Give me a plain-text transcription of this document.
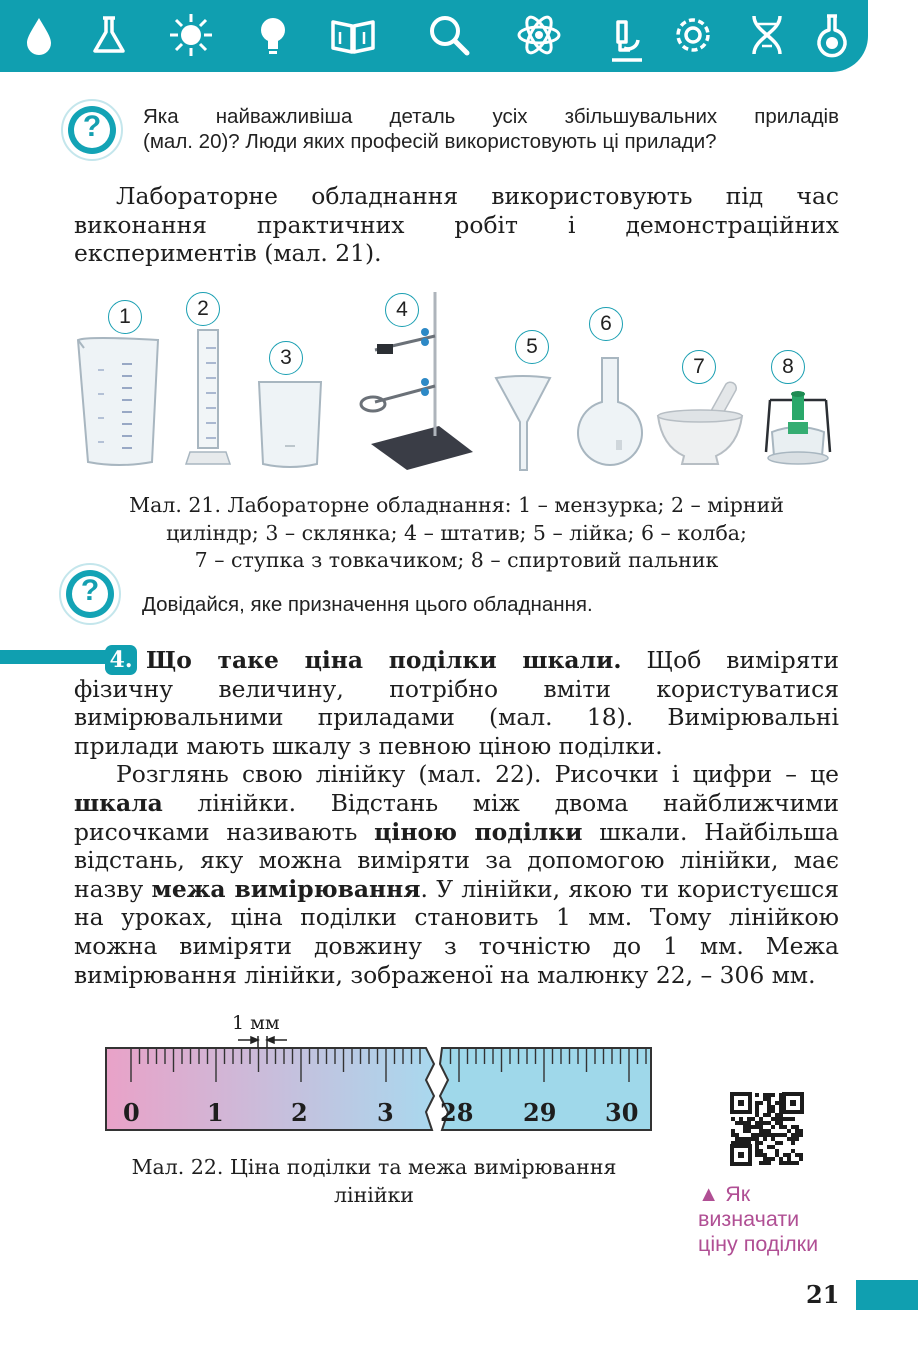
?	Яка найважливіша деталь усіх збільшувальних приладів
(мал. 20)? Люди яких професій використовують ці прилади?

Лабораторне обладнання використовують під час виконання практичних робіт і демонстраційних експериментів (мал. 21).

1	2
3
4
5
6
7	8
Мал. 21. Лабораторне обладнання: 1 – мензурка; 2 – мірний
циліндр; 3 – склянка; 4 – штатив; 5 – лійка; 6 – колба;
7 – ступка з товкачиком; 8 – спиртовий пальник
?	Довідайся, яке призначення цього обладнання.
4. Що таке ціна поділки шкали. Щоб виміряти фізичну величину, потрібно вміти користуватися вимірювальними приладами (мал. 18). Вимірювальні прилади мають шкалу з певною ціною поділки.

Розглянь свою лінійку (мал. 22). Рисочки і цифри – це шкала лінійки. Відстань між двома найближчими рисочками називають ціною поділки шкали. Найбільша відстань, яку можна виміряти за допомогою лінійки, має назву межа вимірювання. У лінійки, якою ти користуєшся на уроках, ціна поділки становить 1 мм. Тому лінійкою можна виміряти довжину з точністю до 1 мм. Межа вимірювання лінійки, зображеної на малюнку 22, – 306 мм.

1 мм
0	1	2	3 28 29 30
Мал. 22. Ціна поділки та межа вимірювання
лінійки	▲ Як визначати ціну поділки
21
